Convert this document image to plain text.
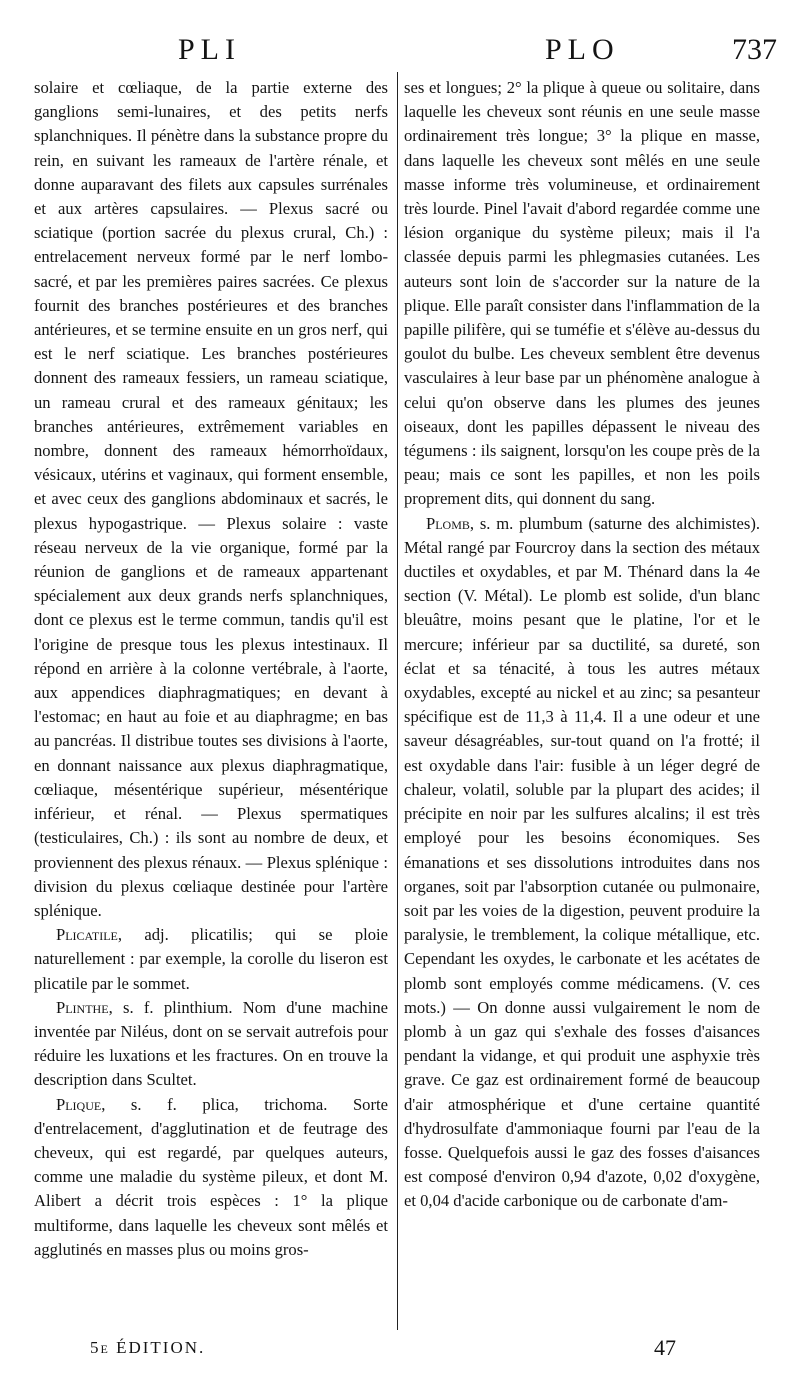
PLI	PLO	737

solaire et cœliaque, de la partie externe des ganglions semi-lunaires, et des petits nerfs splanchniques. Il pénètre dans la substance propre du rein, en suivant les rameaux de l'artère rénale, et donne auparavant des filets aux capsules surrénales et aux artères capsulaires. — Plexus sacré ou sciatique (portion sacrée du plexus crural, Ch.) : entrelacement nerveux formé par le nerf lombo-sacré, et par les premières paires sacrées. Ce plexus fournit des branches postérieures et des branches antérieures, et se termine ensuite en un gros nerf, qui est le nerf sciatique. Les branches postérieures donnent des rameaux fessiers, un rameau sciatique, un rameau crural et des rameaux génitaux; les branches antérieures, extrêmement variables en nombre, donnent des rameaux hémorrhoïdaux, vésicaux, utérins et vaginaux, qui forment ensemble, et avec ceux des ganglions abdominaux et sacrés, le plexus hypogastrique. — Plexus solaire : vaste réseau nerveux de la vie organique, formé par la réunion de ganglions et de rameaux appartenant spécialement aux deux grands nerfs splanchniques, dont ce plexus est le terme commun, tandis qu'il est l'origine de presque tous les plexus intestinaux. Il répond en arrière à la colonne vertébrale, à l'aorte, aux appendices diaphragmatiques; en devant à l'estomac; en haut au foie et au diaphragme; en bas au pancréas. Il distribue toutes ses divisions à l'aorte, en donnant naissance aux plexus diaphragmatique, cœliaque, mésentérique supérieur, mésentérique inférieur, et rénal. — Plexus spermatiques (testiculaires, Ch.) : ils sont au nombre de deux, et proviennent des plexus rénaux. — Plexus splénique : division du plexus cœliaque destinée pour l'artère splénique.

Plicatile, adj. plicatilis; qui se ploie naturellement : par exemple, la corolle du liseron est plicatile par le sommet.

Plinthe, s. f. plinthium. Nom d'une machine inventée par Niléus, dont on se servait autrefois pour réduire les luxations et les fractures. On en trouve la description dans Scultet.

Plique, s. f. plica, trichoma. Sorte d'entrelacement, d'agglutination et de feutrage des cheveux, qui est regardé, par quelques auteurs, comme une maladie du système pileux, et dont M. Alibert a décrit trois espèces : 1° la plique multiforme, dans laquelle les cheveux sont mêlés et agglutinés en masses plus ou moins gros-

ses et longues; 2° la plique à queue ou solitaire, dans laquelle les cheveux sont réunis en une seule masse ordinairement très longue; 3° la plique en masse, dans laquelle les cheveux sont mêlés en une seule masse informe très volumineuse, et ordinairement très lourde. Pinel l'avait d'abord regardée comme une lésion organique du système pileux; mais il l'a classée depuis parmi les phlegmasies cutanées. Les auteurs sont loin de s'accorder sur la nature de la plique. Elle paraît consister dans l'inflammation de la papille pilifère, qui se tuméfie et s'élève au-dessus du goulot du bulbe. Les cheveux semblent être devenus vasculaires à leur base par un phénomène analogue à celui qu'on observe dans les plumes des jeunes oiseaux, dont les papilles dépassent le niveau des tégumens : ils saignent, lorsqu'on les coupe près de la peau; mais ce sont les papilles, et non les poils proprement dits, qui donnent du sang.

Plomb, s. m. plumbum (saturne des alchimistes). Métal rangé par Fourcroy dans la section des métaux ductiles et oxydables, et par M. Thénard dans la 4e section (V. Métal). Le plomb est solide, d'un blanc bleuâtre, moins pesant que le platine, l'or et le mercure; inférieur par sa ductilité, sa dureté, son éclat et sa ténacité, à tous les autres métaux oxydables, excepté au nickel et au zinc; sa pesanteur spécifique est de 11,3 à 11,4. Il a une odeur et une saveur désagréables, sur-tout quand on l'a frotté; il est oxydable dans l'air: fusible à un léger degré de chaleur, volatil, soluble par la plupart des acides; il précipite en noir par les sulfures alcalins; il est très employé pour les besoins économiques. Ses émanations et ses dissolutions introduites dans nos organes, soit par l'absorption cutanée ou pulmonaire, soit par les voies de la digestion, peuvent produire la paralysie, le tremblement, la colique métallique, etc. Cependant les oxydes, le carbonate et les acétates de plomb sont employés comme médicamens. (V. ces mots.) — On donne aussi vulgairement le nom de plomb à un gaz qui s'exhale des fosses d'aisances pendant la vidange, et qui produit une asphyxie très grave. Ce gaz est ordinairement formé de beaucoup d'air atmosphérique et d'une certaine quantité d'hydrosulfate d'ammoniaque fourni par l'eau de la fosse. Quelquefois aussi le gaz des fosses d'aisances est composé d'environ 0,94 d'azote, 0,02 d'oxygène, et 0,04 d'acide carbonique ou de carbonate d'am-

5e ÉDITION.	47
